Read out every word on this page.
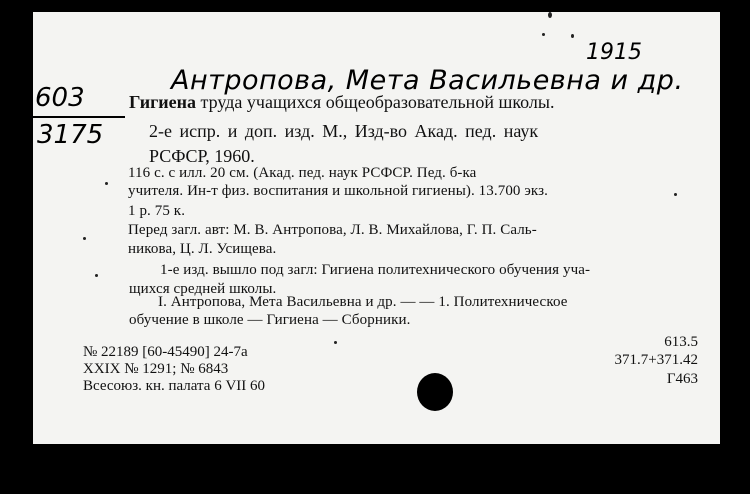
1915
Антропова, Мета Васильевна и др.
603
3175
Гигиена труда учащихся общеобразовательной школы.
2-е испр. и доп. изд. М., Изд-во Акад. пед. наук
РСФСР, 1960.
116 с. с илл. 20 см. (Акад. пед. наук РСФСР. Пед. б-ка
учителя. Ин-т физ. воспитания и школьной гигиены). 13.700 экз.
1 р. 75 к.
Перед загл. авт: М. В. Антропова, Л. В. Михайлова, Г. П. Саль-
никова, Ц. Л. Усищева.
1-е изд. вышло под загл: Гигиена политехнического обучения уча-
щихся средней школы.
I. Антропова, Мета Васильевна и др. — — 1. Политехническое
обучение в школе — Гигиена — Сборники.
№ 22189 [60-45490] 24-7а
XXIX № 1291; № 6843
Всесоюз. кн. палата 6 VII 60
613.5
371.7+371.42
Г463
